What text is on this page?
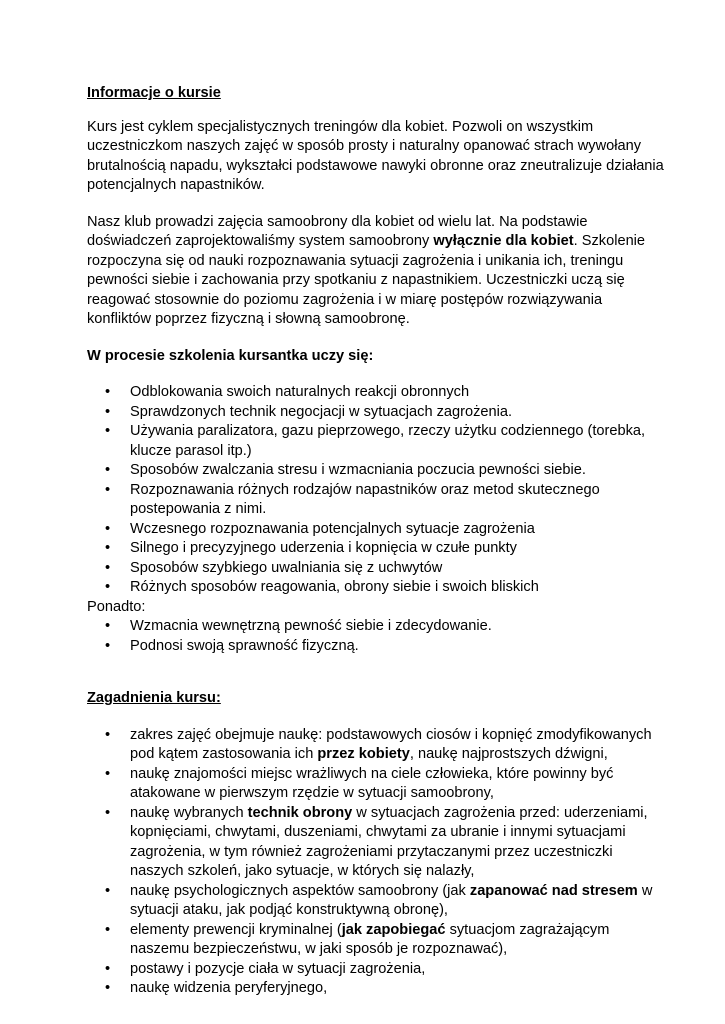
Informacje o kursie

Kurs jest cyklem specjalistycznych treningów dla kobiet. Pozwoli on wszystkim uczestniczkom naszych zajęć w sposób prosty i naturalny opanować strach wywołany brutalnością napadu, wykształci podstawowe nawyki obronne oraz zneutralizuje działania potencjalnych napastników.

Nasz klub prowadzi zajęcia samoobrony dla kobiet od wielu lat. Na podstawie doświadczeń zaprojektowaliśmy system samoobrony wyłącznie dla kobiet. Szkolenie rozpoczyna się od nauki rozpoznawania sytuacji zagrożenia i unikania ich, treningu pewności siebie i zachowania przy spotkaniu z napastnikiem. Uczestniczki uczą się reagować stosownie do poziomu zagrożenia i w miarę postępów rozwiązywania konfliktów poprzez fizyczną i słowną samoobronę.

W procesie szkolenia kursantka uczy się:

• Odblokowania swoich naturalnych reakcji obronnych
• Sprawdzonych technik negocjacji w sytuacjach zagrożenia.
• Używania paralizatora, gazu pieprzowego, rzeczy użytku codziennego (torebka, klucze parasol itp.)
• Sposobów zwalczania stresu i wzmacniania poczucia pewności siebie.
• Rozpoznawania różnych rodzajów napastników oraz metod skutecznego postepowania z nimi.
• Wczesnego rozpoznawania potencjalnych sytuacje zagrożenia
• Silnego i precyzyjnego uderzenia i kopnięcia w czułe punkty
• Sposobów szybkiego uwalniania się z uchwytów
• Różnych sposobów reagowania, obrony siebie i swoich bliskich

Ponadto:

• Wzmacnia wewnętrzną pewność siebie i zdecydowanie.
• Podnosi swoją sprawność fizyczną.

Zagadnienia kursu:

• zakres zajęć obejmuje naukę: podstawowych ciosów i kopnięć zmodyfikowanych pod kątem zastosowania ich przez kobiety, naukę najprostszych dźwigni,
• naukę znajomości miejsc wrażliwych na ciele człowieka, które powinny być atakowane w pierwszym rzędzie w sytuacji samoobrony,
• naukę wybranych technik obrony w sytuacjach zagrożenia przed: uderzeniami, kopnięciami, chwytami, duszeniami, chwytami za ubranie i innymi sytuacjami zagrożenia, w tym również zagrożeniami przytaczanymi przez uczestniczki naszych szkoleń, jako sytuacje, w których się nalazły,
• naukę psychologicznych aspektów samoobrony (jak zapanować nad stresem w sytuacji ataku, jak podjąć konstruktywną obronę),
• elementy prewencji kryminalnej (jak zapobiegać sytuacjom zagrażającym naszemu bezpieczeństwu, w jaki sposób je rozpoznawać),
• postawy i pozycje ciała w sytuacji zagrożenia,
• naukę widzenia peryferyjnego,
